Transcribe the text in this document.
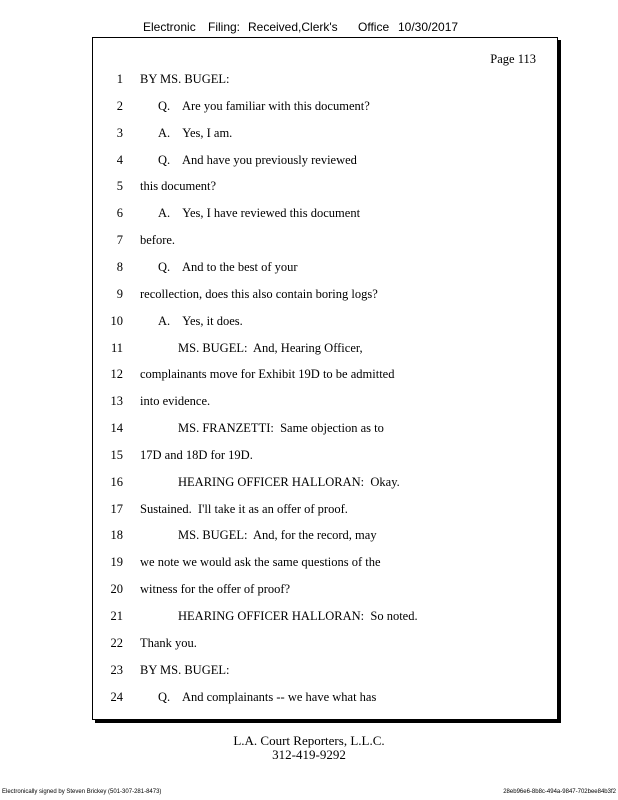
Electronic Filing: Received,Clerk's Office 10/30/2017
Page 113
1 BY MS. BUGEL:
2	Q.    Are you familiar with this document?
3	A.    Yes, I am.
4	Q.    And have you previously reviewed
5 this document?
6	A.    Yes, I have reviewed this document
7 before.
8	Q.    And to the best of your
9 recollection, does this also contain boring logs?
10	A.    Yes, it does.
11	MS. BUGEL:  And, Hearing Officer,
12 complainants move for Exhibit 19D to be admitted
13 into evidence.
14	MS. FRANZETTI:  Same objection as to
15 17D and 18D for 19D.
16	HEARING OFFICER HALLORAN:  Okay.
17 Sustained.  I'll take it as an offer of proof.
18	MS. BUGEL:  And, for the record, may
19 we note we would ask the same questions of the
20 witness for the offer of proof?
21	HEARING OFFICER HALLORAN:  So noted.
22 Thank you.
23 BY MS. BUGEL:
24	Q.    And complainants -- we have what has
L.A. Court Reporters, L.L.C.
312-419-9292
Electronically signed by Steven Brickey (501-307-281-8473)	28eb96e6-8b8c-494a-9847-702bee84b3f2
